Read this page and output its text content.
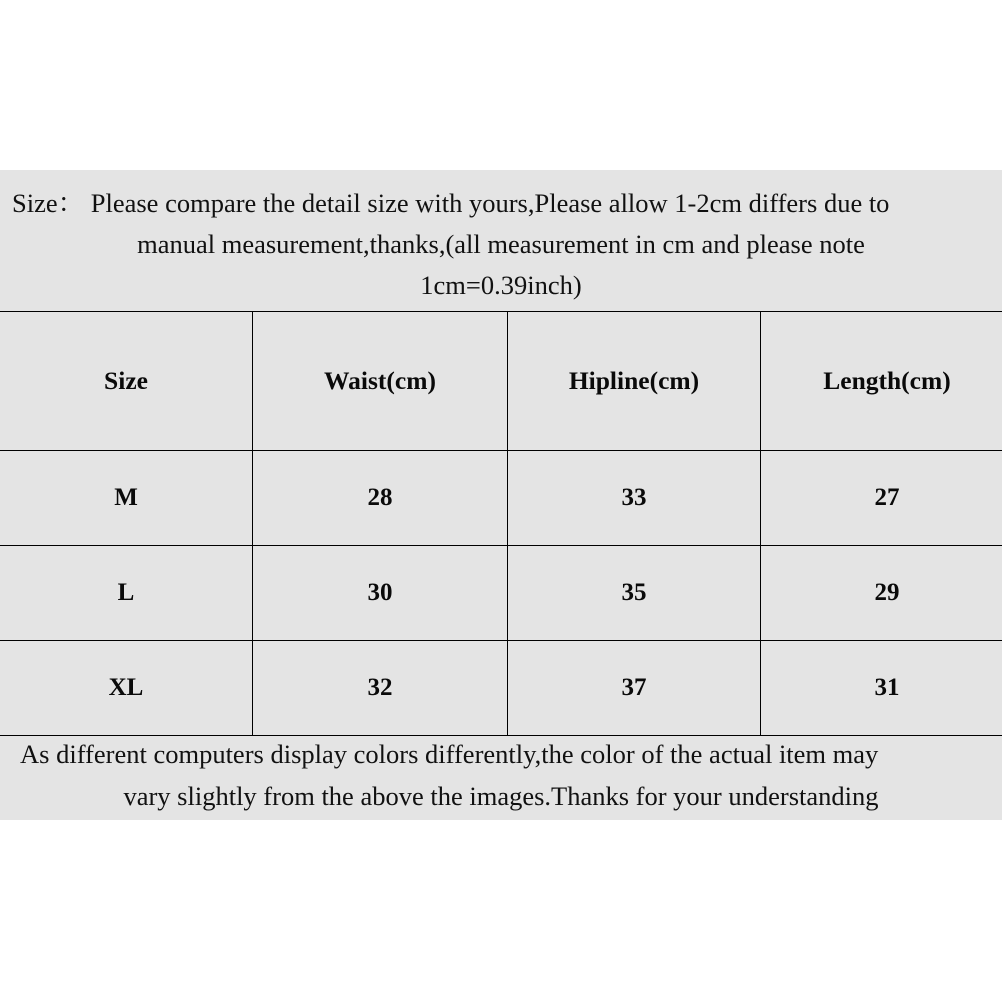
Size： Please compare the detail size with yours,Please allow 1-2cm differs due to
manual measurement,thanks,(all measurement in cm and please note
1cm=0.39inch)
Size	Waist(cm)	Hipline(cm)	Length(cm)
M	28	33	27
L	30	35	29
XL	32	37	31
As different computers display colors differently,the color of the actual item may
vary slightly from the above the images.Thanks for your understanding
